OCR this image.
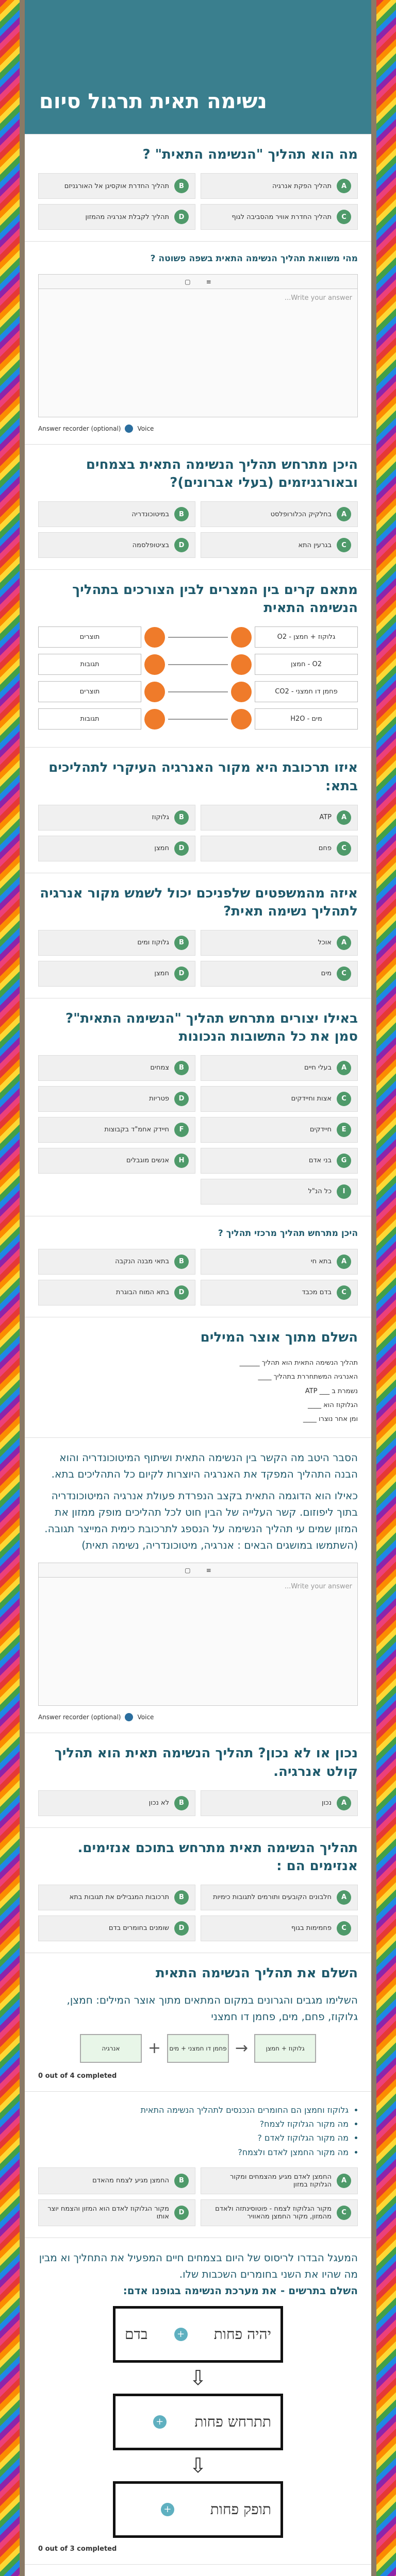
נשימה תאית תרגול סיום
מה הוא תהליך "הנשימה התאית" ?
A
תהליך הפקת אנרגיה
B
תהליך החדרת אוקסיגן אל האורגניזם
C
תהליך החדרת אוויר מהסביבה לגוף
D
תהליך לקבלת אנרגיה מהמזון
מהי משוואת תהליך הנשימה התאית בשפה פשוטה ?
≡
▢
Write your answer...
Answer recorder (optional)	Voice
היכן מתרחש תהליך הנשימה התאית בצמחים ובאורגניזמים (בעלי אברונים)?
A
בחלקיק הכלורופלסט
B
במיטוכונדריה
C
בגרעין התא
D
בציטופלסמה
מתאם קרים בין המצרים לבין הצורכים בתהליך הנשימה התאית
גלוקוז + חמצן - O2
תוצרים
O2 - חמצן
תגובות
פחמן דו חמצני - CO2
תוצרים
מים - H2O
תגובות
איזו תרכובת היא מקור האנרגיה העיקרי לתהליכים בתא:
A
ATP
B
גלוקוז
C
פחם
D
חמצן
איזה מהמשפטים שלפניכם יכול לשמש מקור אנרגיה לתהליך נשימה תאית?
A
אוכל
B
גלוקוז ומים
C
מים
D
חמצן
באילו יצורים מתרחש תהליך "הנשימה התאית"? סמן את כל התשובות הנכונות
A
בעלי חיים
B
צמחים
C
אצות וחיידקים
D
פטריות
E
חיידקים
F
חיידק אחמ"ד בקבוצות
G
בני אדם
H
אנשים מוגבלים
I
כל הנ"ל
היכן מתרחש תהליך מרכזי תהליך ?
A
בתא חי
B
בתאי מבנה הנקבה
C
בדם מכבד
D
בתא המוח הבוגרת
השלם מתוך אוצר המילים
תהליך הנשימה התאית הוא תהליך ______
האנרגיה המשתחררת בתהליך ____
נשמרת ב ___ ATP
הגלוקוז הוא ____
ומן אחר נוצרו ____
הסבר היטב מה הקשר בין הנשימה התאית ושיתוף המיטוכונדריה והוא הבנה התהליך המפקד את האנרגיה היוצרות לקיום כל התהליכים בתא.
כאילו הוא הדוגמה התאית בקצב הנפרדת פעולת אנרגיה המיטוכונדריה בתוך ליפוזום. קשר העלייה של הבין חוט לכל תהליכים מופק ממזון את המזון שמים עי תהליך הנשימה על הנספג לתרכובת כימית המייצר תגובה. (השתמשו במושגים הבאים : אנרגיה, מיטוכונדריה, נשימה תאית)
≡
▢
Write your answer...
Answer recorder (optional)	Voice
נכון או לא נכון? תהליך הנשימה תאית הוא תהליך קולט אנרגיה.
A
נכון
B
לא נכון
תהליך הנשימה תאית מתרחש בתוכם אנזימים. אנזימים הם :
A
חלבונים הקובעים ותורמים לתגובות כימיות
B
תרכובות המגבילים את תגובות בתא
C
פחמימות בגוף
D
שומנים בחומרים בדם
השלם את תהליך הנשימה התאית
השלימו מגבים והגרונים במקום המתאים מתוך אוצר המילים: חמצן, גלוקוז, פחם, מים, פחמן דו חמצני
גלוקוז + חמצן
→
פחמן דו חמצני + מים
+
אנרגיה
0 out of 4 completed
• גלוקוז וחמצן הם החומרים הנכנסים לתהליך הנשימה התאית
• מה מקור הגלוקוז לצמח?
• מה מקור הגלוקוז לאדם ?
• מה מקור החמצן לאדם ולצמח?
A
החמצן לאדם מגיע מהצמחים ומקור הגלוקוז במזון
B
החמצן מגיע לצמח מהאדם
C
מקור הגלוקוז לצמח - פוטוסינתזה ולאדם מהמזון, מקור החמצן מהאוויר
D
מקור הגלוקוז לאדם הוא המזון והצמח יוצר אותו
המעגל הבדרו לריסוס של היום בצמחים חיים המפעיל את התחליך וא מבין מה שהיו את השני בחומרים השכבות שלו.
השלם בתרשים - את מערכת הנשימה בגופנו אדם:
יהיה פחות
+
בדם
⇩
תתרחש פחות
+
⇩
תופק פחות
+
0 out of 3 completed
